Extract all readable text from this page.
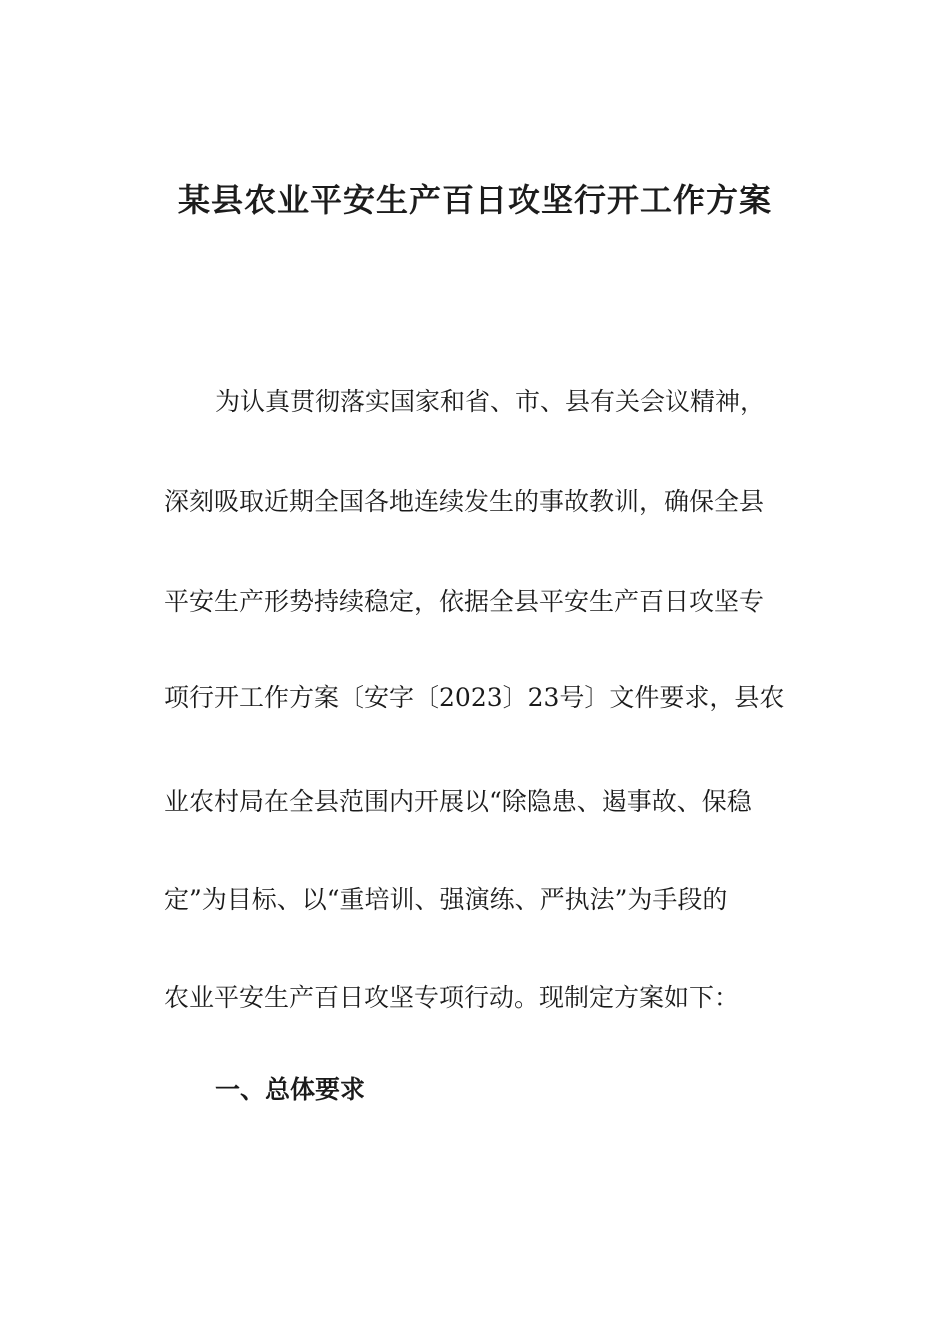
某县农业平安生产百日攻坚行开工作方案
为认真贯彻落实国家和省、市、县有关会议精神，
深刻吸取近期全国各地连续发生的事故教训，确保全县
平安生产形势持续稳定，依据全县平安生产百日攻坚专
项行开工作方案〔安字〔2023〕23号〕文件要求，县农
业农村局在全县范围内开展以“除隐患、遏事故、保稳
定”为目标、以“重培训、强演练、严执法”为手段的
农业平安生产百日攻坚专项行动。现制定方案如下：
一、总体要求
